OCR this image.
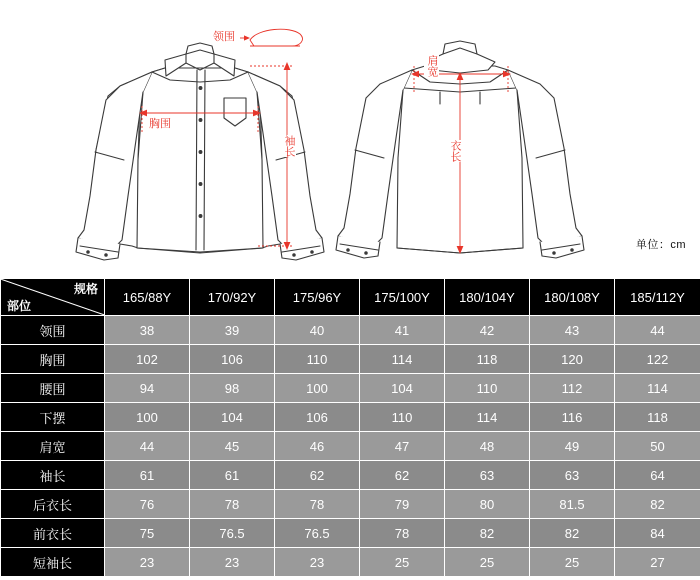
领围
胸围
袖长
肩宽
衣长
单位：cm
规格
部位	165/88Y	170/92Y	175/96Y	175/100Y	180/104Y	180/108Y	185/112Y
领围	38	39	40	41	42	43	44
胸围	102	106	110	114	118	120	122
腰围	94	98	100	104	110	112	114
下摆	100	104	106	110	114	116	118
肩宽	44	45	46	47	48	49	50
袖长	61	61	62	62	63	63	64
后衣长	76	78	78	79	80	81.5	82
前衣长	75	76.5	76.5	78	82	82	84
短袖长	23	23	23	25	25	25	27
